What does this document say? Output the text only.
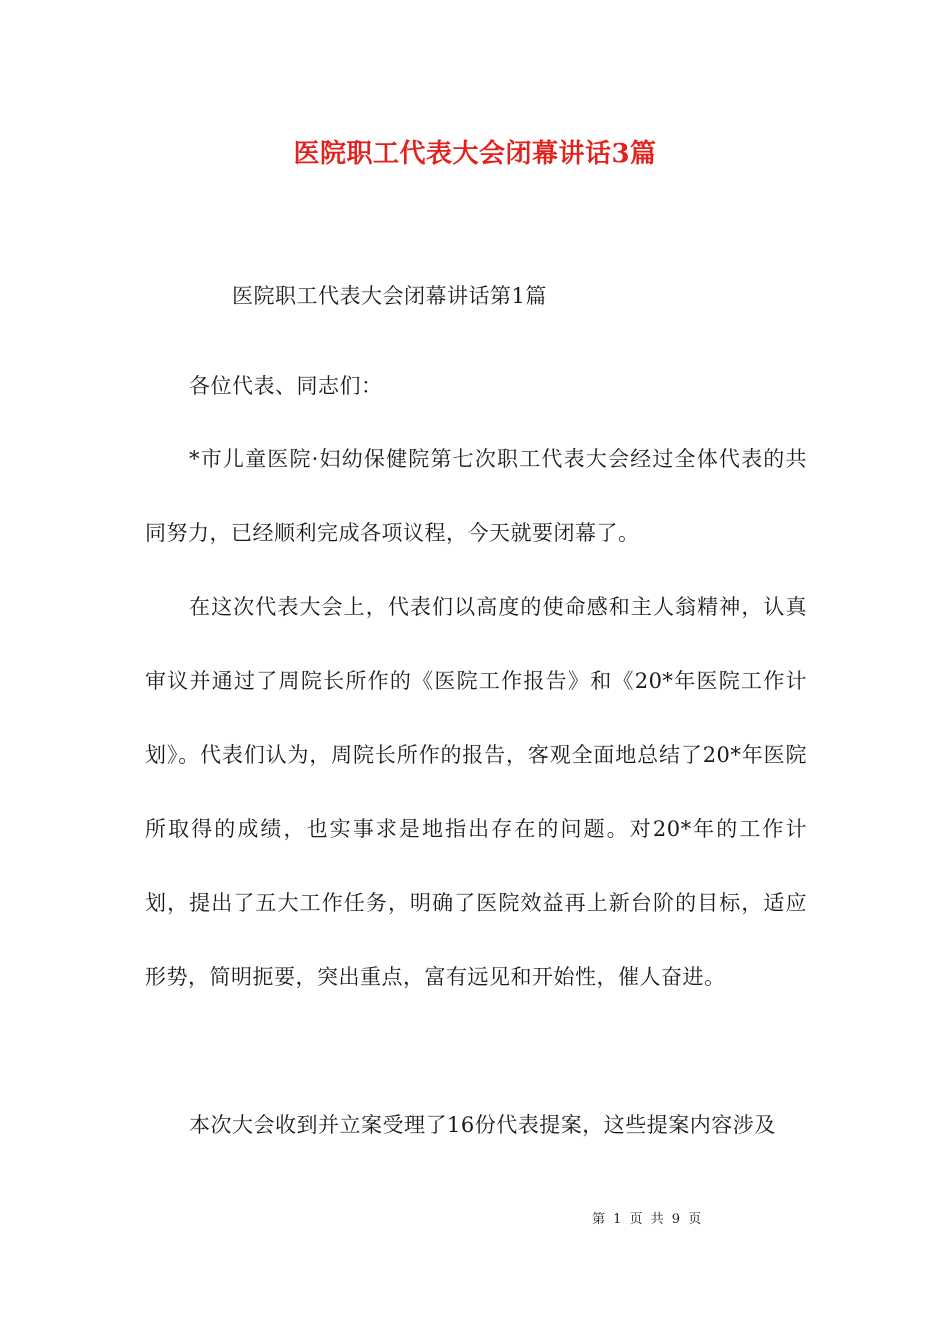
医院职工代表大会闭幕讲话3篇
医院职工代表大会闭幕讲话第1篇

各位代表、同志们：

*市儿童医院·妇幼保健院第七次职工代表大会经过全体代表的共同努力，已经顺利完成各项议程，今天就要闭幕了。

在这次代表大会上，代表们以高度的使命感和主人翁精神，认真审议并通过了周院长所作的《医院工作报告》和《20*年医院工作计划》。代表们认为，周院长所作的报告，客观全面地总结了20*年医院所取得的成绩，也实事求是地指出存在的问题。对20*年的工作计划，提出了五大工作任务，明确了医院效益再上新台阶的目标，适应形势，简明扼要，突出重点，富有远见和开始性，催人奋进。

本次大会收到并立案受理了16份代表提案，这些提案内容涉及

第 1 页 共 9 页
